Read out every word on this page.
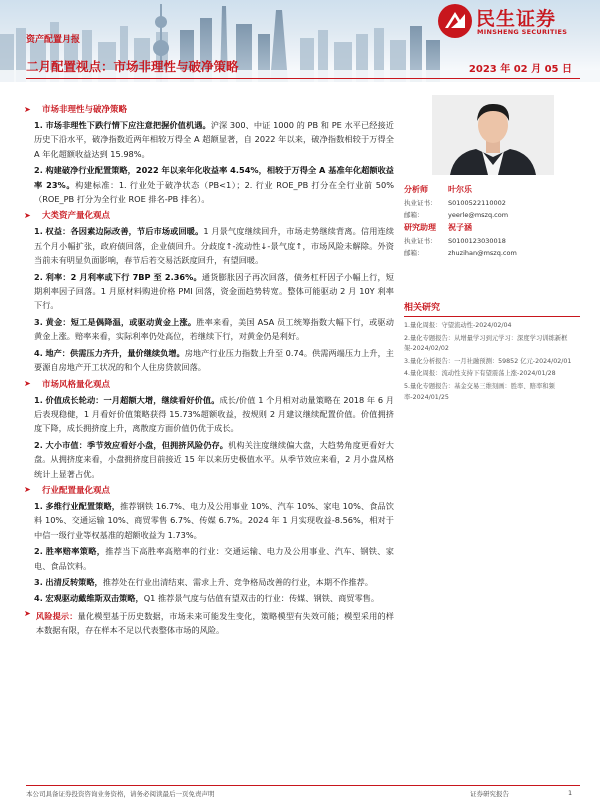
民生证券
MINSHENG SECURITIES
资产配置月报
二月配置视点：市场非理性与破净策略	2023 年 02 月 05 日
➤	市场非理性与破净策略

1. 市场非理性下跌行情下应注意把握价值机遇。沪深 300、中证 1000 的 PB 和 PE 水平已经接近历史下沿水平，破净指数近两年相较万得全 A 超额显著，自 2022 年以来，破净指数相较于万得全 A 年化超额收益达到 15.98%。

2. 构建破净行业配置策略，2022 年以来年化收益率 4.54%，相较于万得全 A 基准年化超额收益率 23%。构建标准：1. 行业处于破净状态（PB<1）；2. 行业 ROE_PB 打分在全行业前 50%（ROE_PB 打分为全行业 ROE 排名-PB 排名）。

➤	大类资产量化观点

1. 权益：各因素边际改善，节后市场或回暖。1 月景气度继续回升，市场走势继续背离。信用连续五个月小幅扩张，政府债回落，企业债回升。分歧度↑-流动性↓-景气度↑，市场风险未解除。外资当前未有明显负面影响，春节后若交易活跃度回升，有望回暖。

2. 利率：2 月利率或下行 7BP 至 2.36%。通货膨胀因子再次回落，债务杠杆因子小幅上行，短期利率因子回落。1 月原材料购进价格 PMI 回落，资金面趋势转宽。整体可能驱动 2 月 10Y 利率下行。

3. 黄金：短工是偶降温，或驱动黄金上涨。胜率来看，美国 ASA 员工统筹指数大幅下行，或驱动黄金上涨。赔率来看，实际利率仍处高位，若继续下行，对黄金仍是利好。

4. 地产：供需压力齐升，量价继续负增。房地产行业压力指数上升至 0.74。供需两端压力上升，主要源自房地产开工状况的和个人住房贷款回落。

➤	市场风格量化观点

1. 价值成长轮动：一月超额大增，继续看好价值。成长/价值 1 个月相对动量策略在 2018 年 6 月后表现稳健，1 月看好价值策略获得 15.73%超额收益，按规则 2 月建议继续配置价值。价值拥挤度下降，成长拥挤度上升，离散度方面价值仍优于成长。

2. 大小市值：季节效应看好小盘，但拥挤风险仍存。机构关注度继续偏大盘，大趋势角度更看好大盘。从拥挤度来看，小盘拥挤度目前接近 15 年以来历史极值水平。从季节效应来看，2 月小盘风格统计上显著占优。

➤	行业配置量化观点

1. 多维行业配置策略，推荐钢铁 16.7%、电力及公用事业 10%、汽车 10%、家电 10%、食品饮料 10%、交通运输 10%、商贸零售 6.7%、传媒 6.7%。2024 年 1 月实现收益-8.56%，相对于中信一级行业等权基准的超额收益为 1.73%。

2. 胜率赔率策略，推荐当下高胜率高赔率的行业：交通运输、电力及公用事业、汽车、钢铁、家电、食品饮料。

3. 出清反转策略，推荐处在行业出清结束、需求上升、竞争格局改善的行业，本期不作推荐。

4. 宏观驱动戴维斯双击策略，Q1 推荐景气度与估值有望双击的行业：传媒、钢铁、商贸零售。

➤ 风险提示：量化模型基于历史数据，市场未来可能发生变化，策略模型有失效可能；模型采用的样本数据有限，存在样本不足以代表整体市场的风险。
分析师	叶尔乐
执业证书：	S0100522110002
邮箱：	yeerle@mszq.com
研究助理	祝子涵
执业证书：	S0100123030018
邮箱：	zhuzihan@mszq.com
相关研究
1.量化周报：守望流动性-2024/02/04
2.量化专题报告：从增量学习到元学习：深度学习训练新框架-2024/02/02
3.量化分析报告：一月社融预测：59852 亿元-2024/02/01
4.量化周报：流动性支持下有望震荡上涨-2024/01/28
5.量化专题报告：基金交易三维刻画：胜率、赔率和频率-2024/01/25
本公司具备证券投资咨询业务资格，请务必阅读最后一页免责声明	证券研究报告	1
